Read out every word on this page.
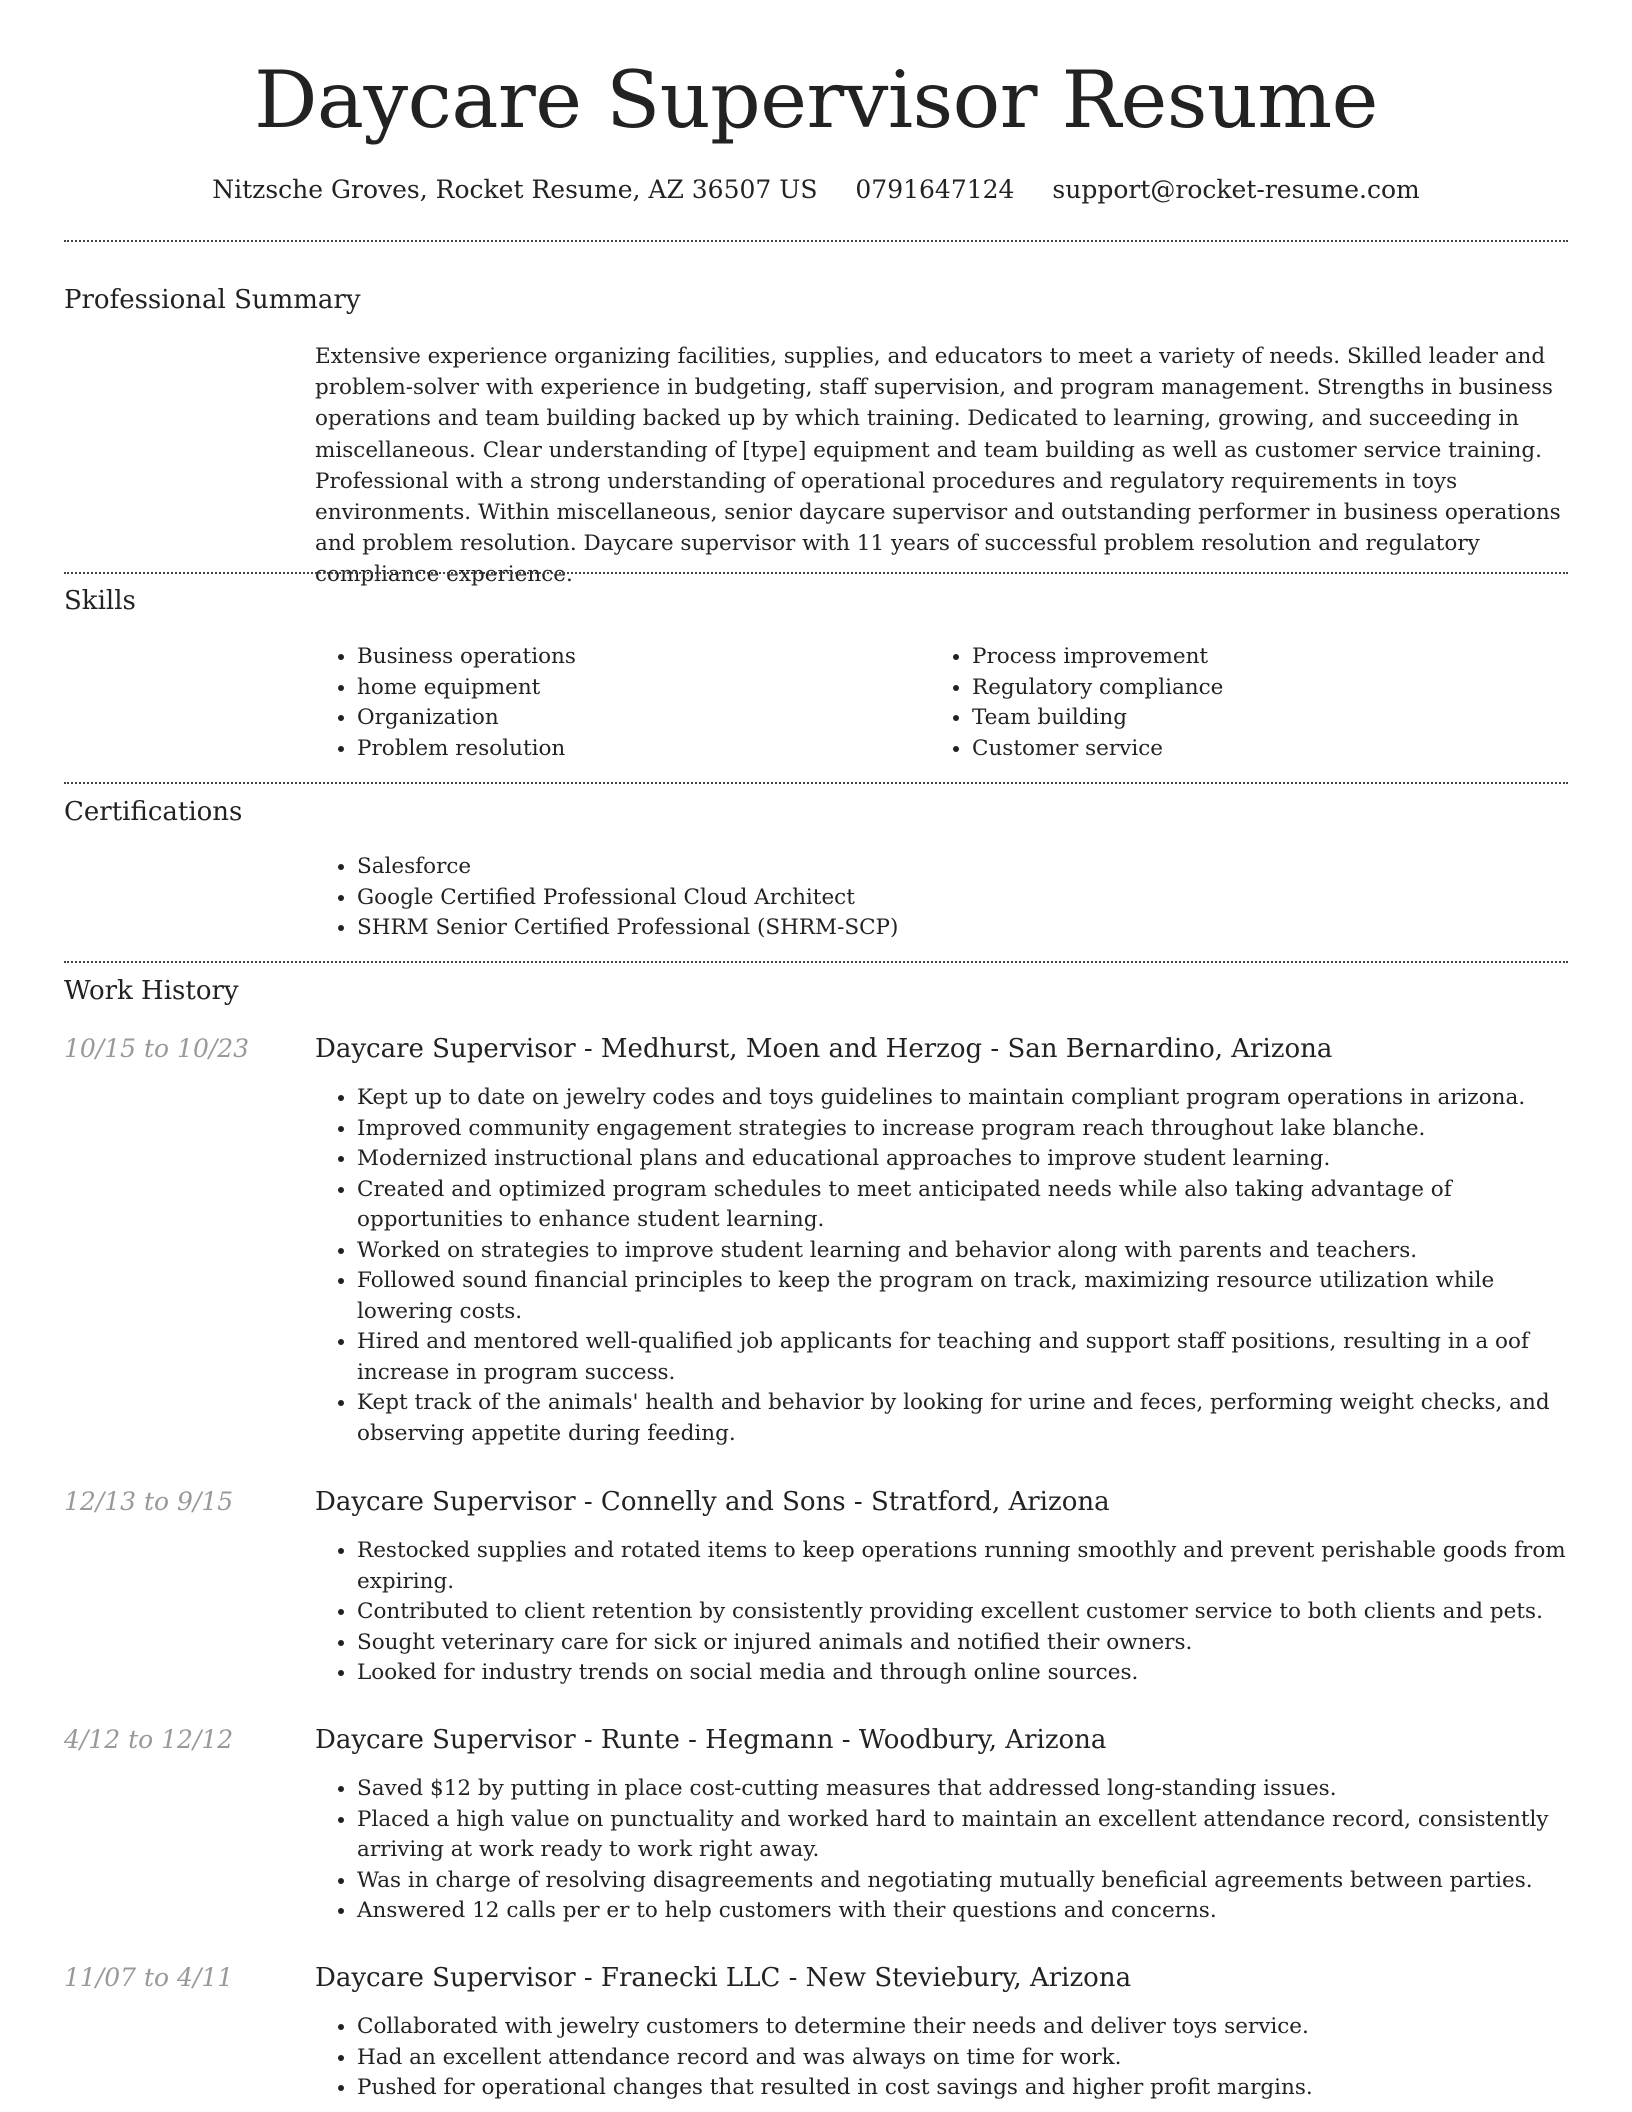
Daycare Supervisor Resume
Nitzsche Groves, Rocket Resume, AZ 36507 US 0791647124 support@rocket-resume.com
Professional Summary

Extensive experience organizing facilities, supplies, and educators to meet a variety of needs. Skilled leader and problem-solver with experience in budgeting, staff supervision, and program management. Strengths in business operations and team building backed up by which training. Dedicated to learning, growing, and succeeding in miscellaneous. Clear understanding of [type] equipment and team building as well as customer service training. Professional with a strong understanding of operational procedures and regulatory requirements in toys environments. Within miscellaneous, senior daycare supervisor and outstanding performer in business operations and problem resolution. Daycare supervisor with 11 years of successful problem resolution and regulatory compliance experience.

Skills
• Business operations
• home equipment
• Organization
• Problem resolution
• Process improvement
• Regulatory compliance
• Team building
• Customer service
Certifications
• Salesforce
• Google Certified Professional Cloud Architect
• SHRM Senior Certified Professional (SHRM-SCP)
Work History
10/15 to 10/23	Daycare Supervisor - Medhurst, Moen and Herzog - San Bernardino, Arizona
• Kept up to date on jewelry codes and toys guidelines to maintain compliant program operations in arizona.
• Improved community engagement strategies to increase program reach throughout lake blanche.
• Modernized instructional plans and educational approaches to improve student learning.
• Created and optimized program schedules to meet anticipated needs while also taking advantage of opportunities to enhance student learning.
• Worked on strategies to improve student learning and behavior along with parents and teachers.
• Followed sound financial principles to keep the program on track, maximizing resource utilization while lowering costs.
• Hired and mentored well-qualified job applicants for teaching and support staff positions, resulting in a oof increase in program success.
• Kept track of the animals' health and behavior by looking for urine and feces, performing weight checks, and observing appetite during feeding.
12/13 to 9/15	Daycare Supervisor - Connelly and Sons - Stratford, Arizona
• Restocked supplies and rotated items to keep operations running smoothly and prevent perishable goods from expiring.
• Contributed to client retention by consistently providing excellent customer service to both clients and pets.
• Sought veterinary care for sick or injured animals and notified their owners.
• Looked for industry trends on social media and through online sources.
4/12 to 12/12	Daycare Supervisor - Runte - Hegmann - Woodbury, Arizona
• Saved $12 by putting in place cost-cutting measures that addressed long-standing issues.
• Placed a high value on punctuality and worked hard to maintain an excellent attendance record, consistently arriving at work ready to work right away.
• Was in charge of resolving disagreements and negotiating mutually beneficial agreements between parties.
• Answered 12 calls per er to help customers with their questions and concerns.
11/07 to 4/11	Daycare Supervisor - Franecki LLC - New Steviebury, Arizona
• Collaborated with jewelry customers to determine their needs and deliver toys service.
• Had an excellent attendance record and was always on time for work.
• Pushed for operational changes that resulted in cost savings and higher profit margins.
